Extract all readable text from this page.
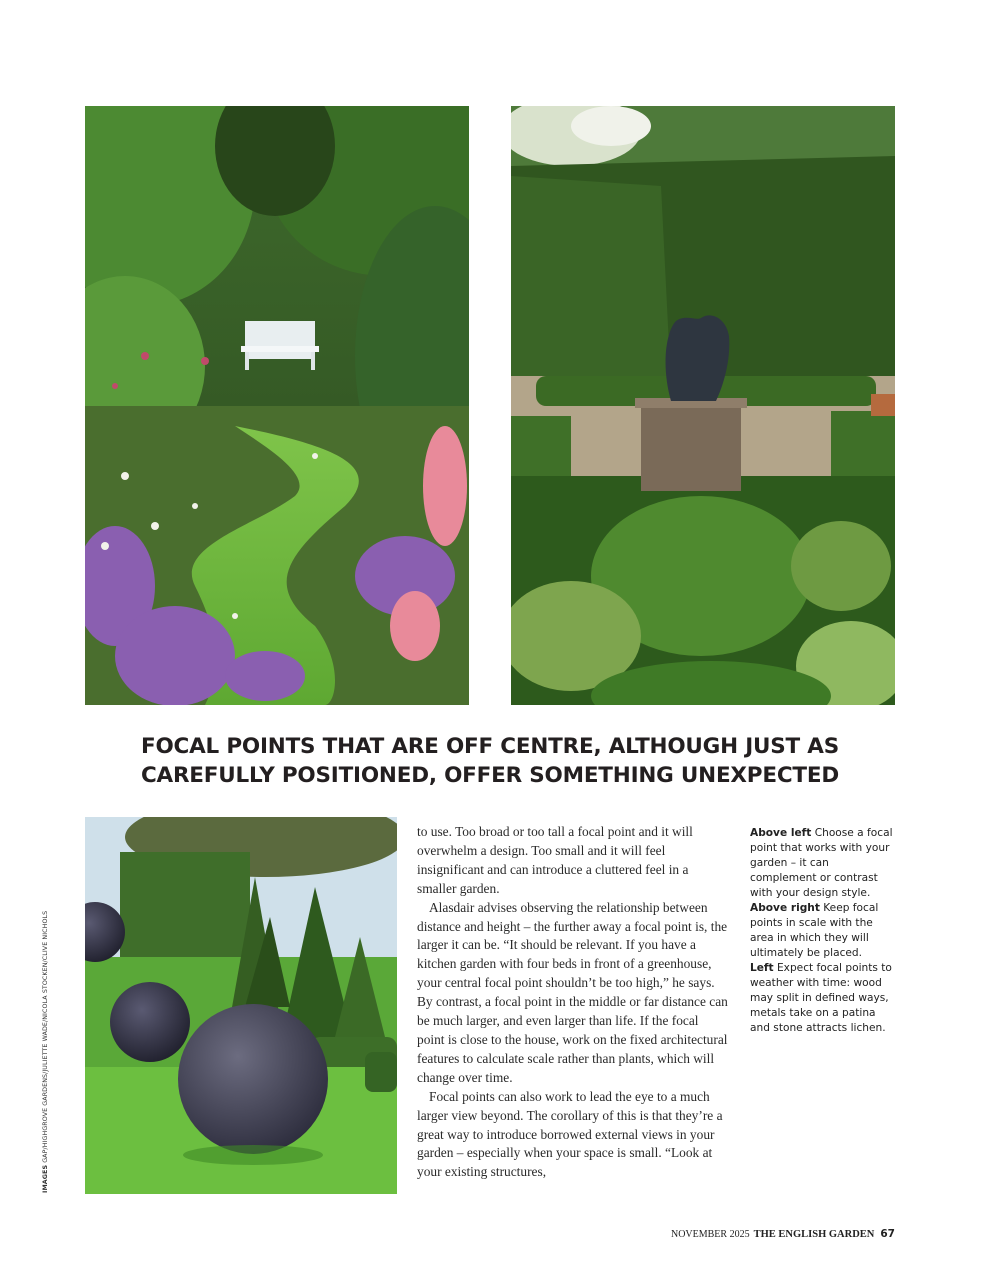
FOCAL POINTS THAT ARE OFF CENTRE, ALTHOUGH JUST AS
CAREFULLY POSITIONED, OFFER SOMETHING UNEXPECTED

to use. Too broad or too tall a focal point and it will overwhelm a design. Too small and it will feel insignificant and can introduce a cluttered feel in a smaller garden.

Alasdair advises observing the relationship between distance and height – the further away a focal point is, the larger it can be. “It should be relevant. If you have a kitchen garden with four beds in front of a greenhouse, your central focal point shouldn’t be too high,” he says. By contrast, a focal point in the middle or far distance can be much larger, and even larger than life. If the focal point is close to the house, work on the fixed architectural features to calculate scale rather than plants, which will change over time.

Focal points can also work to lead the eye to a much larger view beyond. The corollary of this is that they’re a great way to introduce borrowed external views in your garden – especially when your space is small. “Look at your existing structures,

Above left Choose a focal point that works with your garden – it can complement or contrast with your design style.
Above right Keep focal points in scale with the area in which they will ultimately be placed.
Left Expect focal points to weather with time: wood may split in defined ways, metals take on a patina and stone attracts lichen.
IMAGES GAP/HIGHGROVE GARDENS/JULIETTE WADE/NICOLA STOCKEN/CLIVE NICHOLS
NOVEMBER 2025 THE ENGLISH GARDEN 67
